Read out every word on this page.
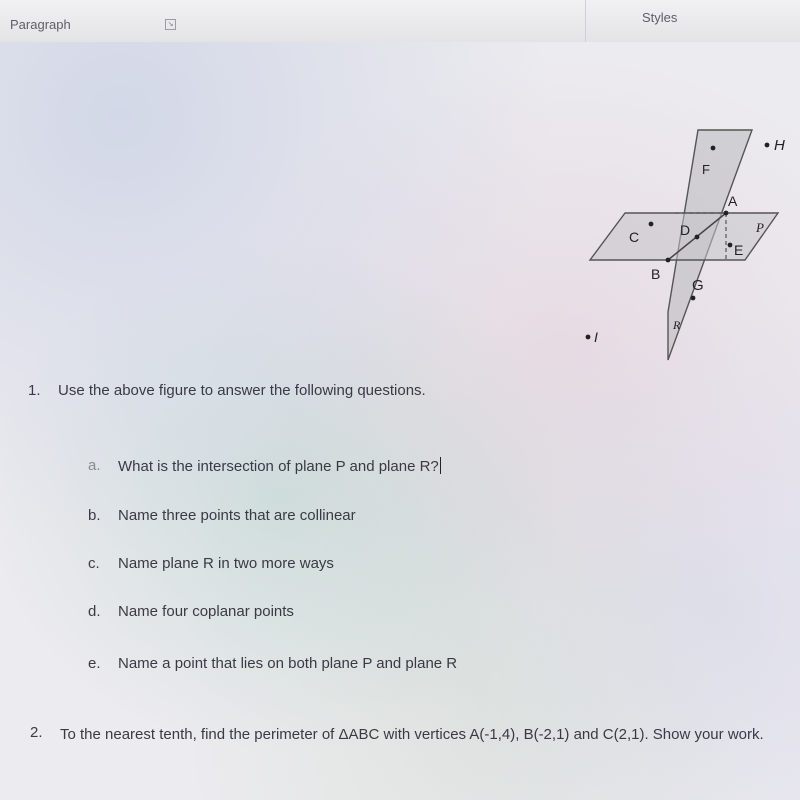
Paragraph	↘	Styles
F
H
A
P
C	D
E
B
G
R
I
1. Use the above figure to answer the following questions.
a. What is the intersection of plane P and plane R?
b. Name three points that are collinear
c. Name plane R in two more ways
d. Name four coplanar points
e. Name a point that lies on both plane P and plane R
2. To the nearest tenth, find the perimeter of ΔABC with vertices A(-1,4), B(-2,1) and C(2,1). Show your work.
